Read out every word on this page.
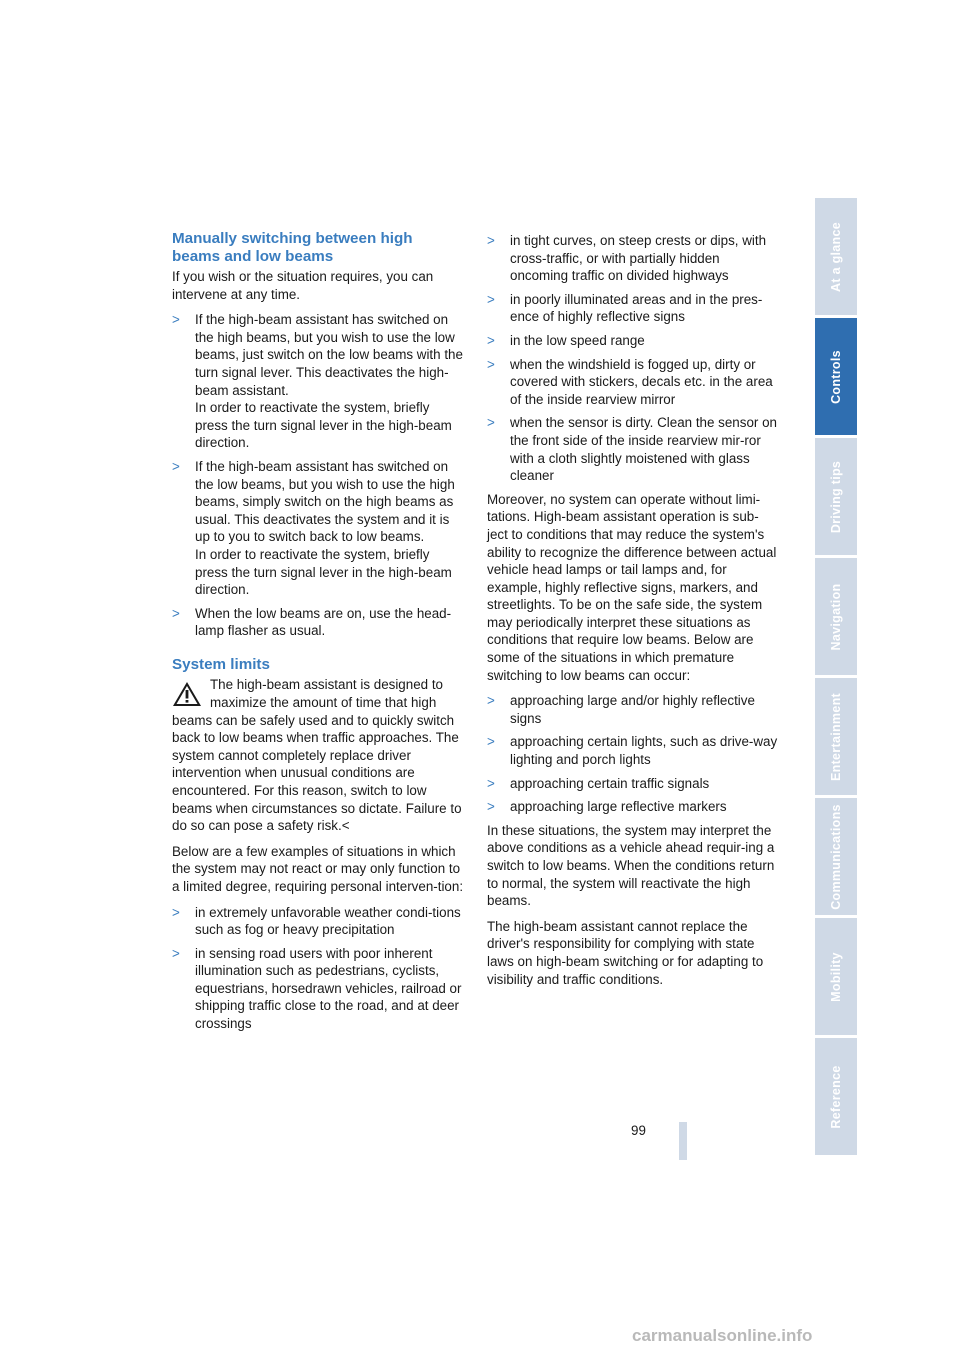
Manually switching between high beams and low beams

If you wish or the situation requires, you can intervene at any time.

> If the high-beam assistant has switched on the high beams, but you wish to use the low beams, just switch on the low beams with the turn signal lever. This deactivates the high-beam assistant.
In order to reactivate the system, briefly press the turn signal lever in the high-beam direction.
> If the high-beam assistant has switched on the low beams, but you wish to use the high beams, simply switch on the high beams as usual. This deactivates the system and it is up to you to switch back to low beams.
In order to reactivate the system, briefly press the turn signal lever in the high-beam direction.
> When the low beams are on, use the head-lamp flasher as usual.
System limits

The high-beam assistant is designed to maximize the amount of time that high beams can be safely used and to quickly switch back to low beams when traffic approaches. The system cannot completely replace driver intervention when unusual conditions are encountered. For this reason, switch to low beams when circumstances so dictate. Failure to do so can pose a safety risk.<

Below are a few examples of situations in which the system may not react or may only function to a limited degree, requiring personal interven-tion:

> in extremely unfavorable weather condi-tions such as fog or heavy precipitation
> in sensing road users with poor inherent illumination such as pedestrians, cyclists, equestrians, horsedrawn vehicles, railroad or shipping traffic close to the road, and at deer crossings
> in tight curves, on steep crests or dips, with cross-traffic, or with partially hidden oncoming traffic on divided highways
> in poorly illuminated areas and in the pres-ence of highly reflective signs
> in the low speed range
> when the windshield is fogged up, dirty or covered with stickers, decals etc. in the area of the inside rearview mirror
> when the sensor is dirty. Clean the sensor on the front side of the inside rearview mir-ror with a cloth slightly moistened with glass cleaner

Moreover, no system can operate without limi-tations. High-beam assistant operation is sub-ject to conditions that may reduce the system's ability to recognize the difference between actual vehicle head lamps or tail lamps and, for example, highly reflective signs, markers, and streetlights. To be on the safe side, the system may periodically interpret these situations as conditions that require low beams. Below are some of the situations in which premature switching to low beams can occur:

> approaching large and/or highly reflective signs
> approaching certain lights, such as drive-way lighting and porch lights
> approaching certain traffic signals
> approaching large reflective markers

In these situations, the system may interpret the above conditions as a vehicle ahead requir-ing a switch to low beams. When the conditions return to normal, the system will reactivate the high beams.

The high-beam assistant cannot replace the driver's responsibility for complying with state laws on high-beam switching or for adapting to visibility and traffic conditions.

At a glance
Controls
Driving tips
Navigation
Entertainment
Communications
Mobility
Reference
99
carmanualsonline.info
